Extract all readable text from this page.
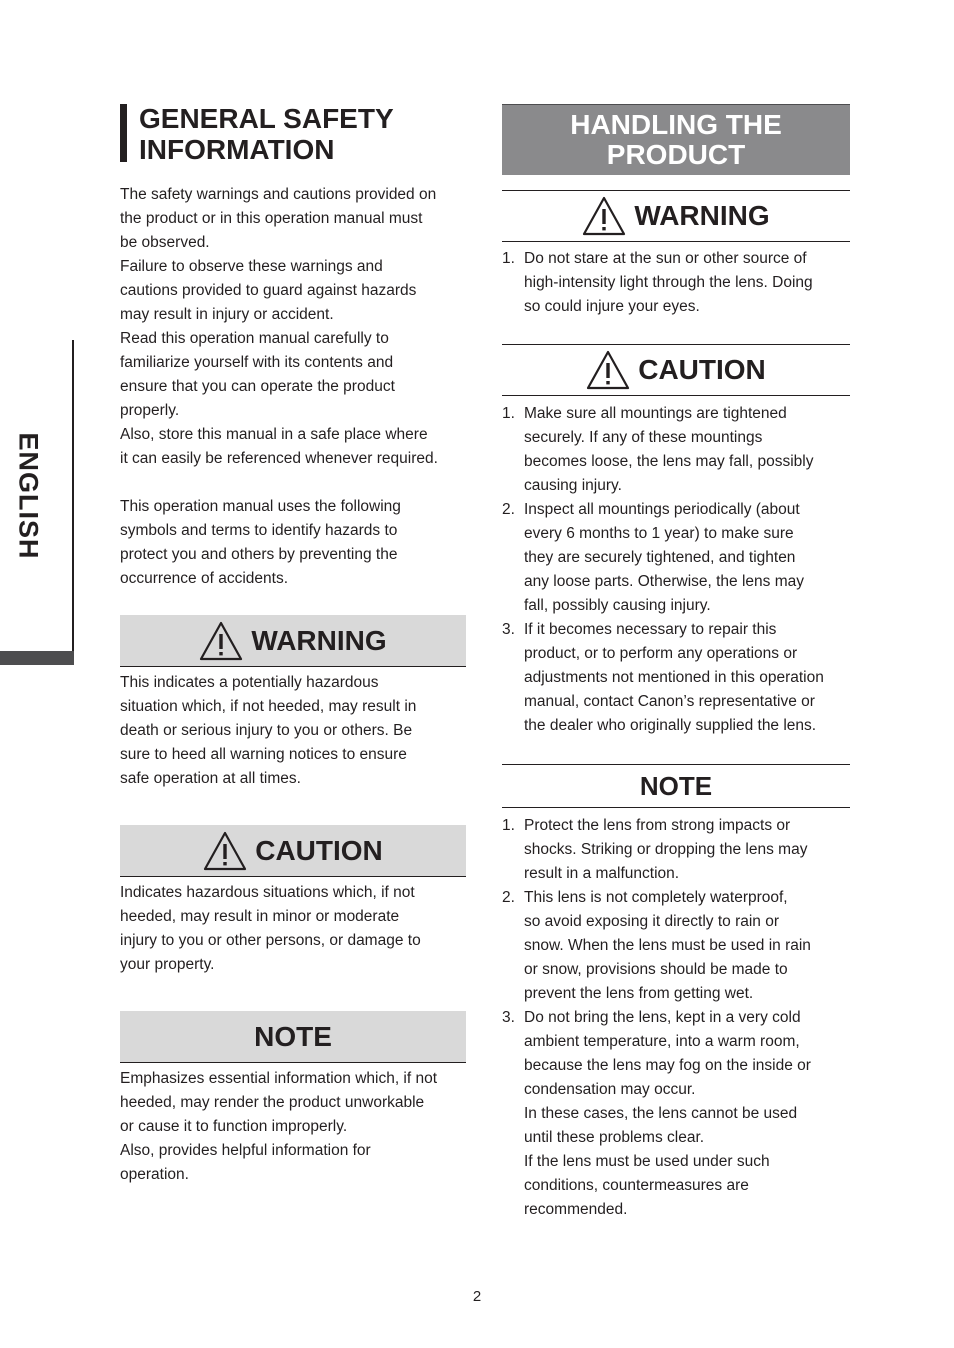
ENGLISH
GENERAL SAFETY
INFORMATION

The safety warnings and cautions provided on
the product or in this operation manual must
be observed.
Failure to observe these warnings and
cautions provided to guard against hazards
may result in injury or accident.
Read this operation manual carefully to
familiarize yourself with its contents and
ensure that you can operate the product
properly.
Also, store this manual in a safe place where
it can easily be referenced whenever required.

This operation manual uses the following
symbols and terms to identify hazards to
protect you and others by preventing the
occurrence of accidents.

WARNING

This indicates a potentially hazardous
situation which, if not heeded, may result in
death or serious injury to you or others. Be
sure to heed all warning notices to ensure
safe operation at all times.

CAUTION

Indicates hazardous situations which, if not
heeded, may result in minor or moderate
injury to you or other persons, or damage to
your property.

NOTE

Emphasizes essential information which, if not
heeded, may render the product unworkable
or cause it to function improperly.
Also, provides helpful information for
operation.

HANDLING THE
PRODUCT
WARNING
1. Do not stare at the sun or other source of
high-intensity light through the lens. Doing
so could injure your eyes.
CAUTION
1. Make sure all mountings are tightened
securely. If any of these mountings
becomes loose, the lens may fall, possibly
causing injury.
2. Inspect all mountings periodically (about
every 6 months to 1 year) to make sure
they are securely tightened, and tighten
any loose parts. Otherwise, the lens may
fall, possibly causing injury.
3. If it becomes necessary to repair this
product, or to perform any operations or
adjustments not mentioned in this operation
manual, contact Canon’s representative or
the dealer who originally supplied the lens.
NOTE
1. Protect the lens from strong impacts or
shocks. Striking or dropping the lens may
result in a malfunction.
2. This lens is not completely waterproof,
so avoid exposing it directly to rain or
snow. When the lens must be used in rain
or snow, provisions should be made to
prevent the lens from getting wet.
3. Do not bring the lens, kept in a very cold
ambient temperature, into a warm room,
because the lens may fog on the inside or
condensation may occur.
In these cases, the lens cannot be used
until these problems clear.
If the lens must be used under such
conditions, countermeasures are
recommended.
2
